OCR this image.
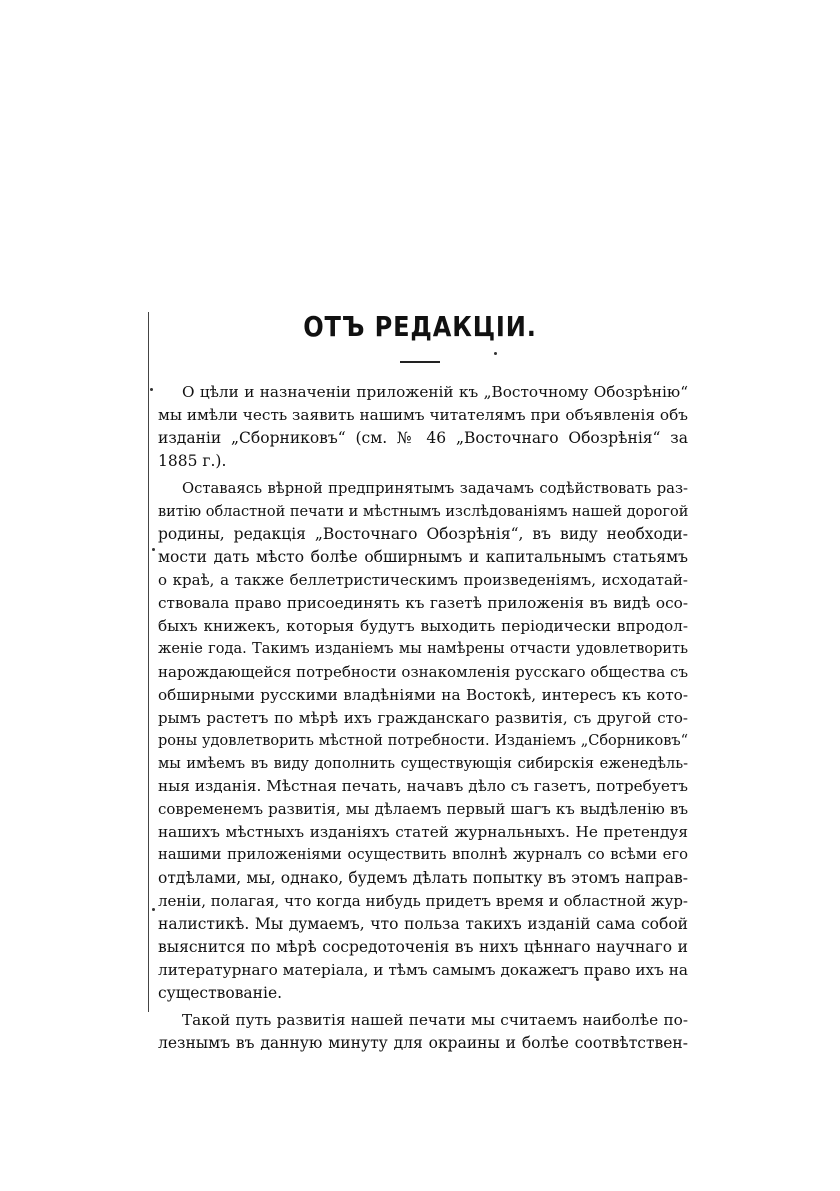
ОТЪ РЕДАКЦІИ.

О цѣли и назначеніи приложеній къ „Восточному Обозрѣнію“
мы имѣли честь заявить нашимъ читателямъ при объявленія объ
изданіи „Сборниковъ“ (см. № 46 „Восточнаго Обозрѣнія“ за
1885 г.).

Оставаясь вѣрной предпринятымъ задачамъ содѣйствовать раз-
витію областной печати и мѣстнымъ изслѣдованіямъ нашей дорогой
родины, редакція „Восточнаго Обозрѣнія“, въ виду необходи-
мости дать мѣсто болѣе обширнымъ и капитальнымъ статьямъ
о краѣ, а также беллетристическимъ произведеніямъ, исходатай-
ствовала право присоединять къ газетѣ приложенія въ видѣ осо-
быхъ книжекъ, которыя будутъ выходить періодически впродол-
женіе года. Такимъ изданіемъ мы намѣрены отчасти удовлетворить
нарождающейся потребности ознакомленія русскаго общества съ
обширными русскими владѣніями на Востокѣ, интересъ къ кото-
рымъ растетъ по мѣрѣ ихъ гражданскаго развитія, съ другой сто-
роны удовлетворить мѣстной потребности. Изданіемъ „Сборниковъ“
мы имѣемъ въ виду дополнить существующія сибирскія еженедѣль-
ныя изданія. Мѣстная печать, начавъ дѣло съ газетъ, потребуетъ
современемъ развитія, мы дѣлаемъ первый шагъ къ выдѣленію въ
нашихъ мѣстныхъ изданіяхъ статей журнальныхъ. Не претендуя
нашими приложеніями осуществить вполнѣ журналъ со всѣми его
отдѣлами, мы, однако, будемъ дѣлать попытку въ этомъ направ-
леніи, полагая, что когда нибудь придетъ время и областной жур-
налистикѣ. Мы думаемъ, что польза такихъ изданій сама собой
выяснится по мѣрѣ сосредоточенія въ нихъ цѣннаго научнаго и
литературнаго матеріала, и тѣмъ самымъ докажетъ право ихъ на
существованіе.

Такой путь развитія нашей печати мы считаемъ наиболѣе по-
лезнымъ въ данную минуту для окраины и болѣе соотвѣтствен-
